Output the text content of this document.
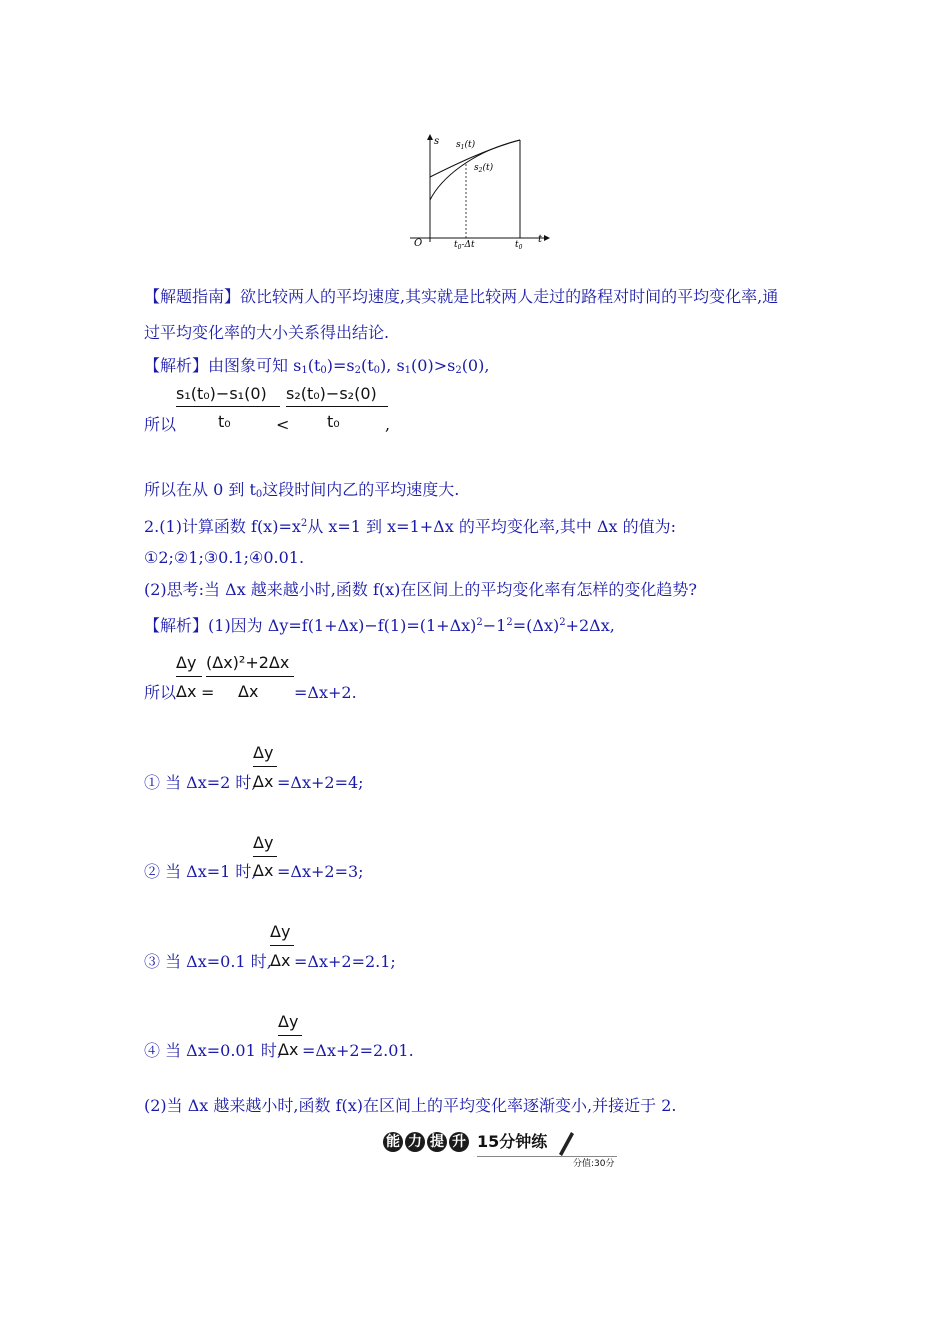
s
t
O
$s_1(t)$
$s_2(t)$
$t_0-\Delta t$	$t_0$
【解题指南】欲比较两人的平均速度,其实就是比较两人走过的路程对时间的平均变化率,通
过平均变化率的大小关系得出结论.
【解析】由图象可知 $s_1(t_0)=s_2(t_0)$, $s_1(0)>s_2(0)$,
所以
s₁(t₀)−s₁(0)
t₀	<
s₂(t₀)−s₂(0)
t₀	,
所以在从 0 到 $t_0$这段时间内乙的平均速度大.
2.(1)计算函数 $f(x)=x^2$从 x=1 到 x=1+Δx 的平均变化率,其中 Δx 的值为:
①2;②1;③0.1;④0.01.
(2)思考:当 Δx 越来越小时,函数 f(x)在区间上的平均变化率有怎样的变化趋势?
【解析】(1)因为 $\Delta y=f(1+\Delta x)-f(1)=(1+\Delta x)^2-1^2=(\Delta x)^2+2\Delta x$,
所以
Δy
Δx =
(Δx)²+2Δx
Δx =Δx+2.
① 当 Δx=2 时,
Δy
Δx =Δx+2=4;
② 当 Δx=1 时,
Δy
Δx =Δx+2=3;
③ 当 Δx=0.1 时,
Δy
Δx =Δx+2=2.1;
④ 当 Δx=0.01 时,
Δy
Δx =Δx+2=2.01.
(2)当 Δx 越来越小时,函数 f(x)在区间上的平均变化率逐渐变小,并接近于 2.
能 力 提 升 15分钟练
分值:30分
